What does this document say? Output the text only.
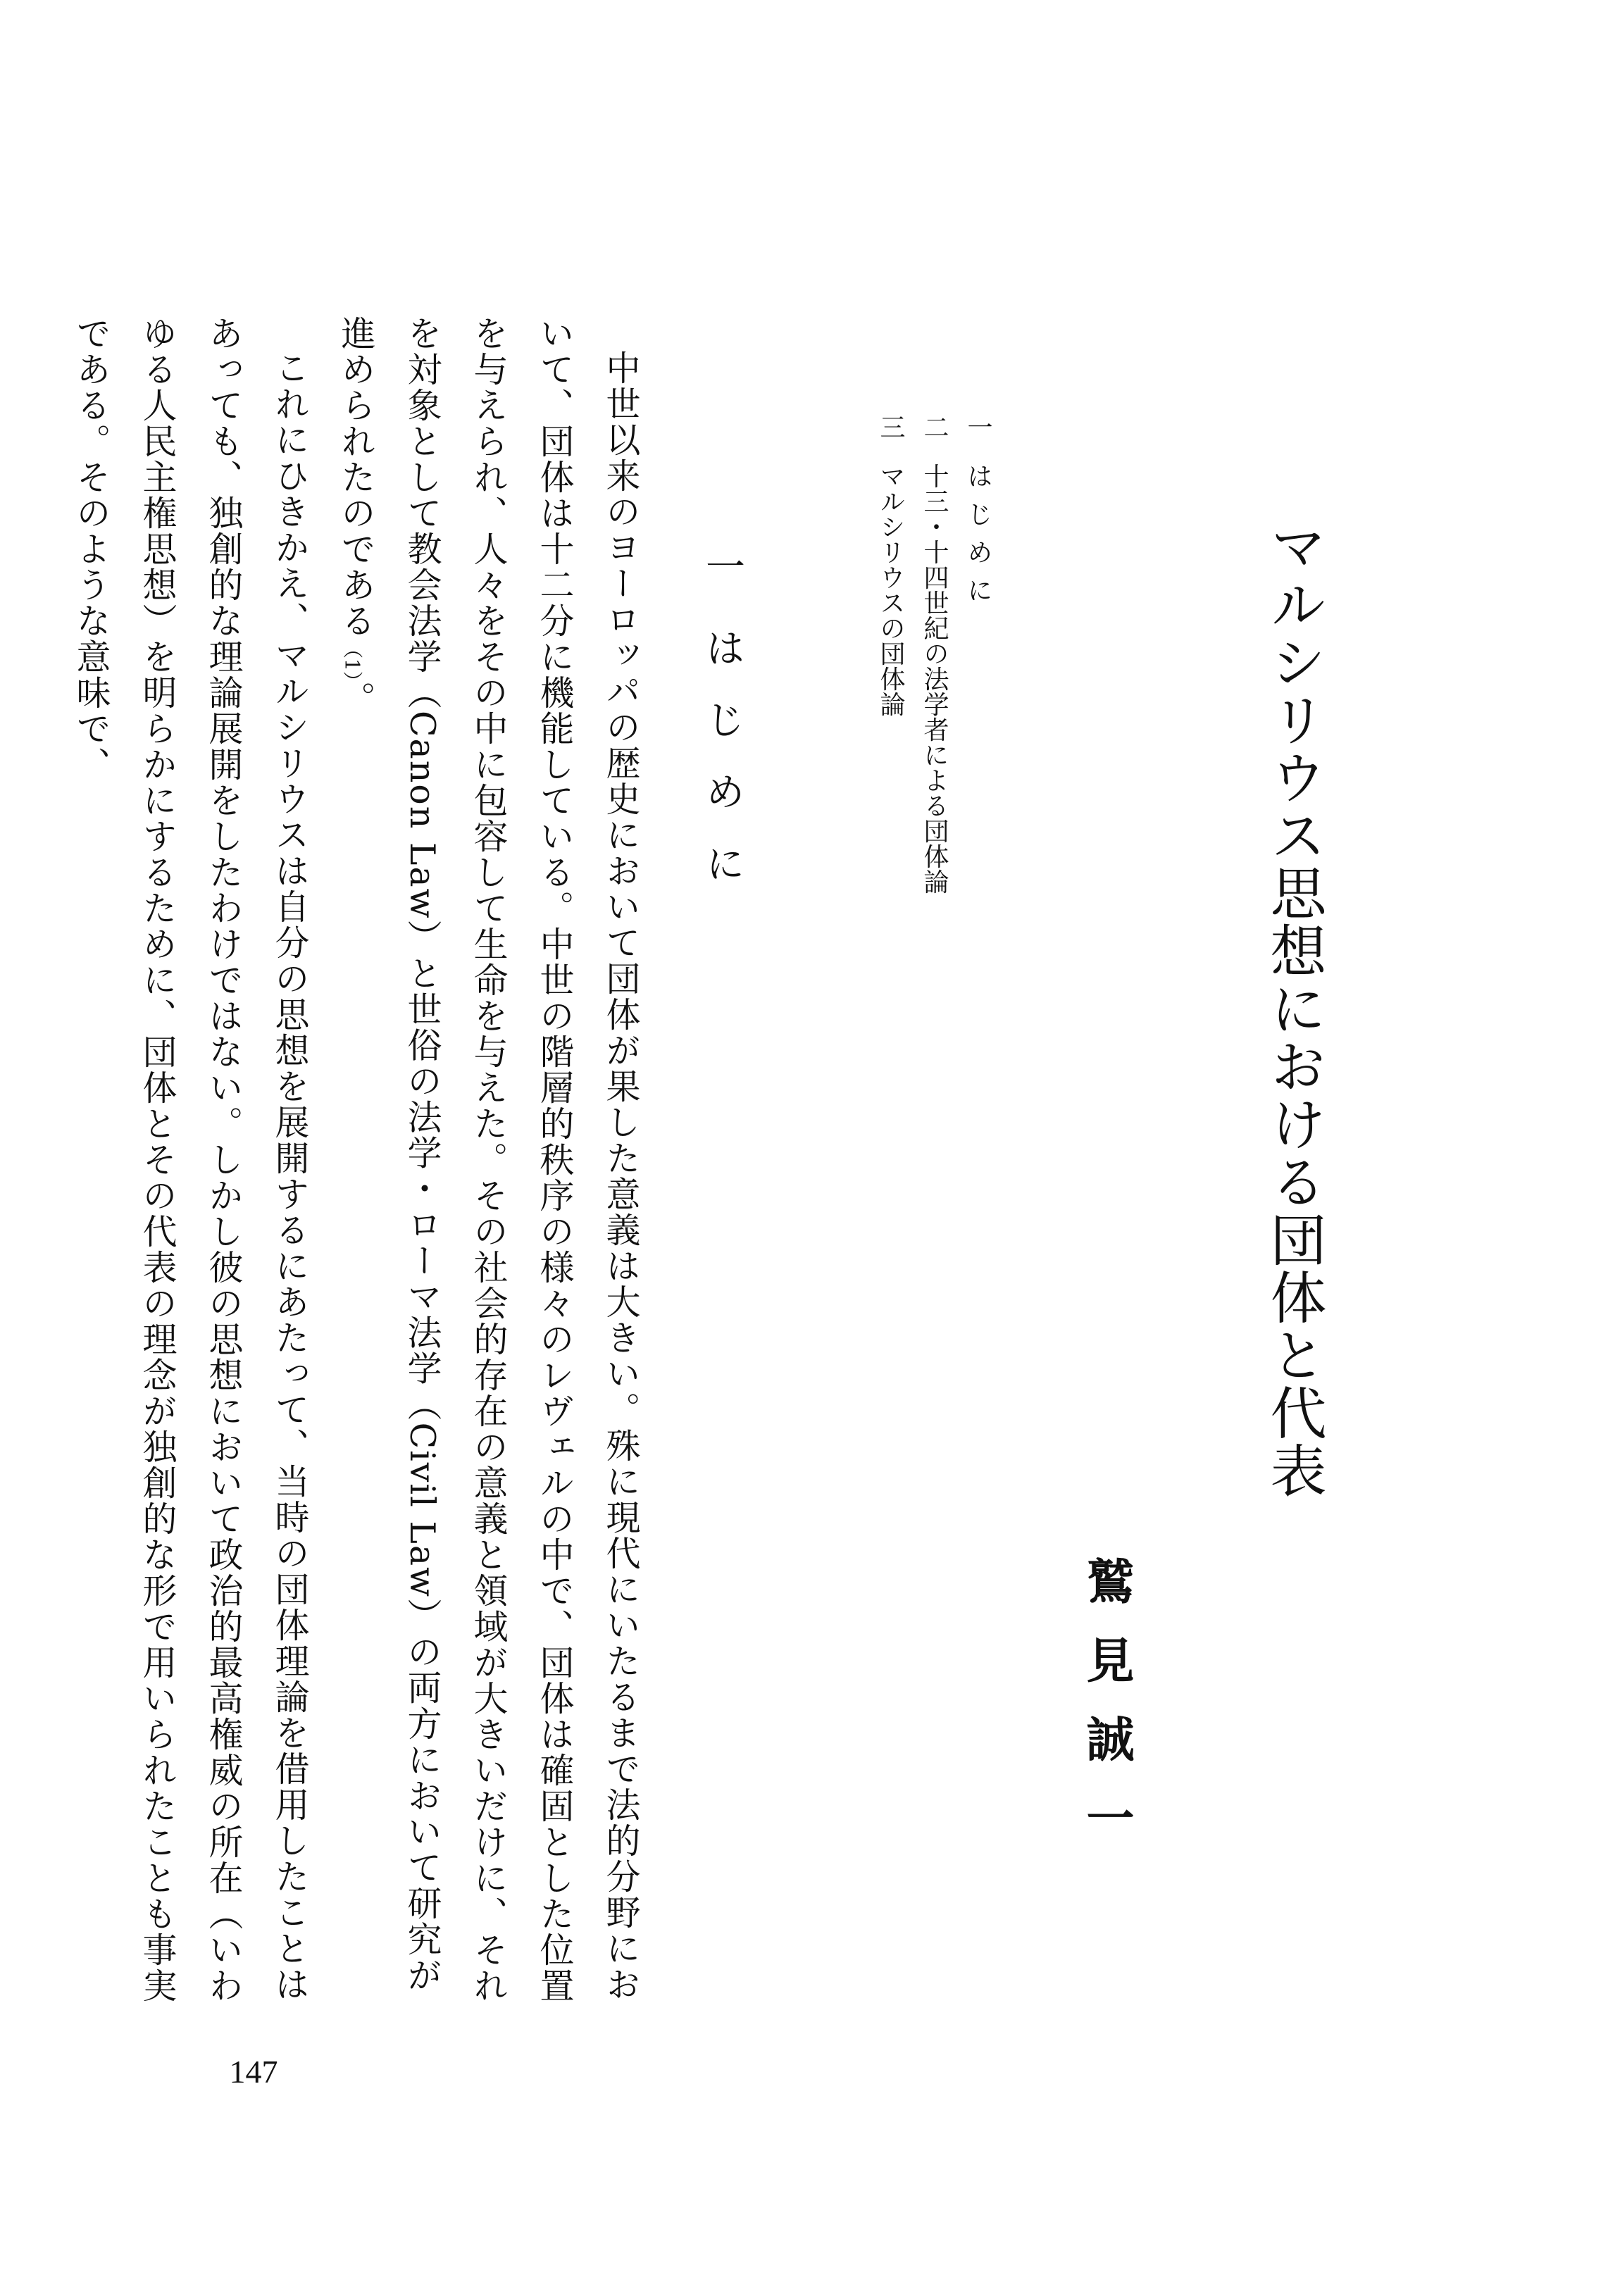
マルシリウス思想における団体と代表
鷲見誠一
一 はじめに
二 十三・十四世紀の法学者による団体論
三 マルシリウスの団体論
一はじめに

中世以来のヨーロッパの歴史において団体が果した意義は大きい。殊に現代にいたるまで法的分野において、団体は十二分に機能している。中世の階層的秩序の様々のレヴェルの中で、団体は確固とした位置を与えられ、人々をその中に包容して生命を与えた。その社会的存在の意義と領域が大きいだけに、それを対象として教会法学（Canon Law）と世俗の法学・ローマ法学（Civil Law）の両方において研究が進められたのである（1）。

これにひきかえ、マルシリウスは自分の思想を展開するにあたって、当時の団体理論を借用したことはあっても、独創的な理論展開をしたわけではない。しかし彼の思想において政治的最高権威の所在（いわゆる人民主権思想）を明らかにするために、団体とその代表の理念が独創的な形で用いられたことも事実である。そのような意味で、

147
